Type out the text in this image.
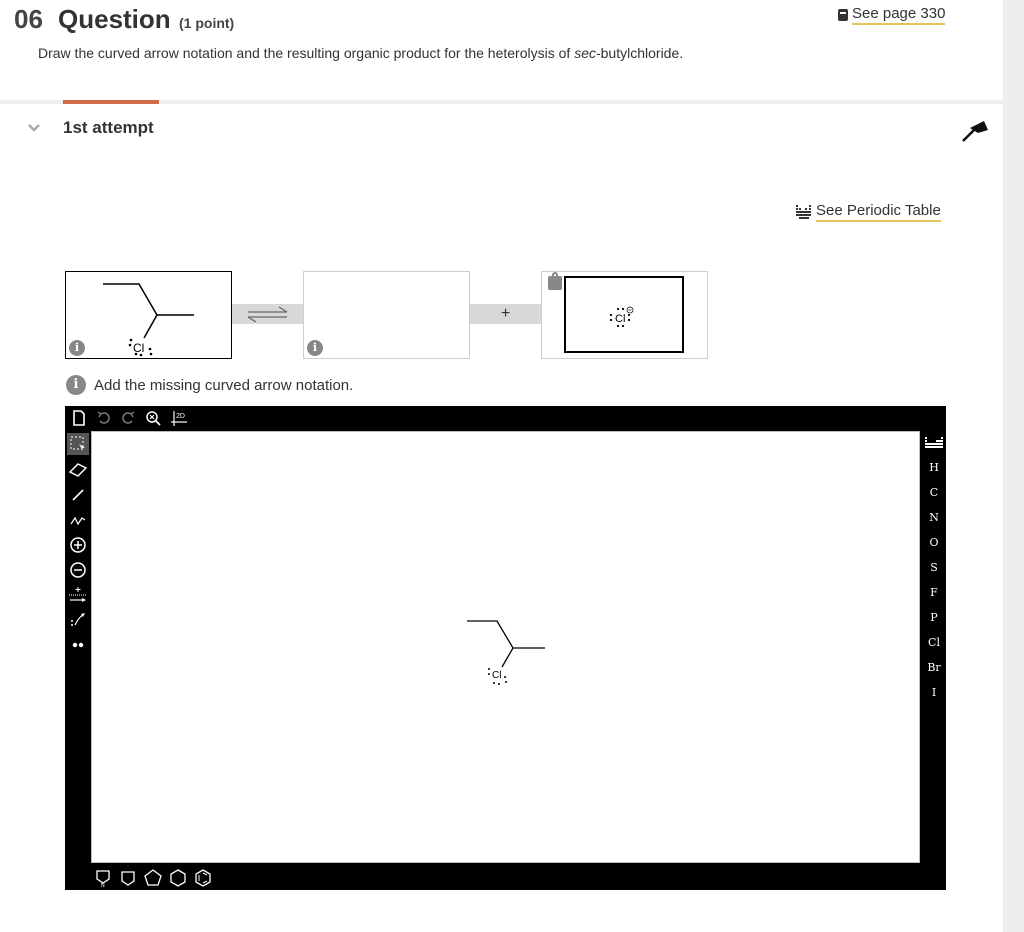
06 Question (1 point)
See page 330
Draw the curved arrow notation and the resulting organic product for the heterolysis of sec-butylchloride.
1st attempt
See Periodic Table
Cl
i	i
+	Cl
i	Add the missing curved arrow notation.
2D
Cl
H
C
N
O
S
F
P
Cl
Br
I
N
